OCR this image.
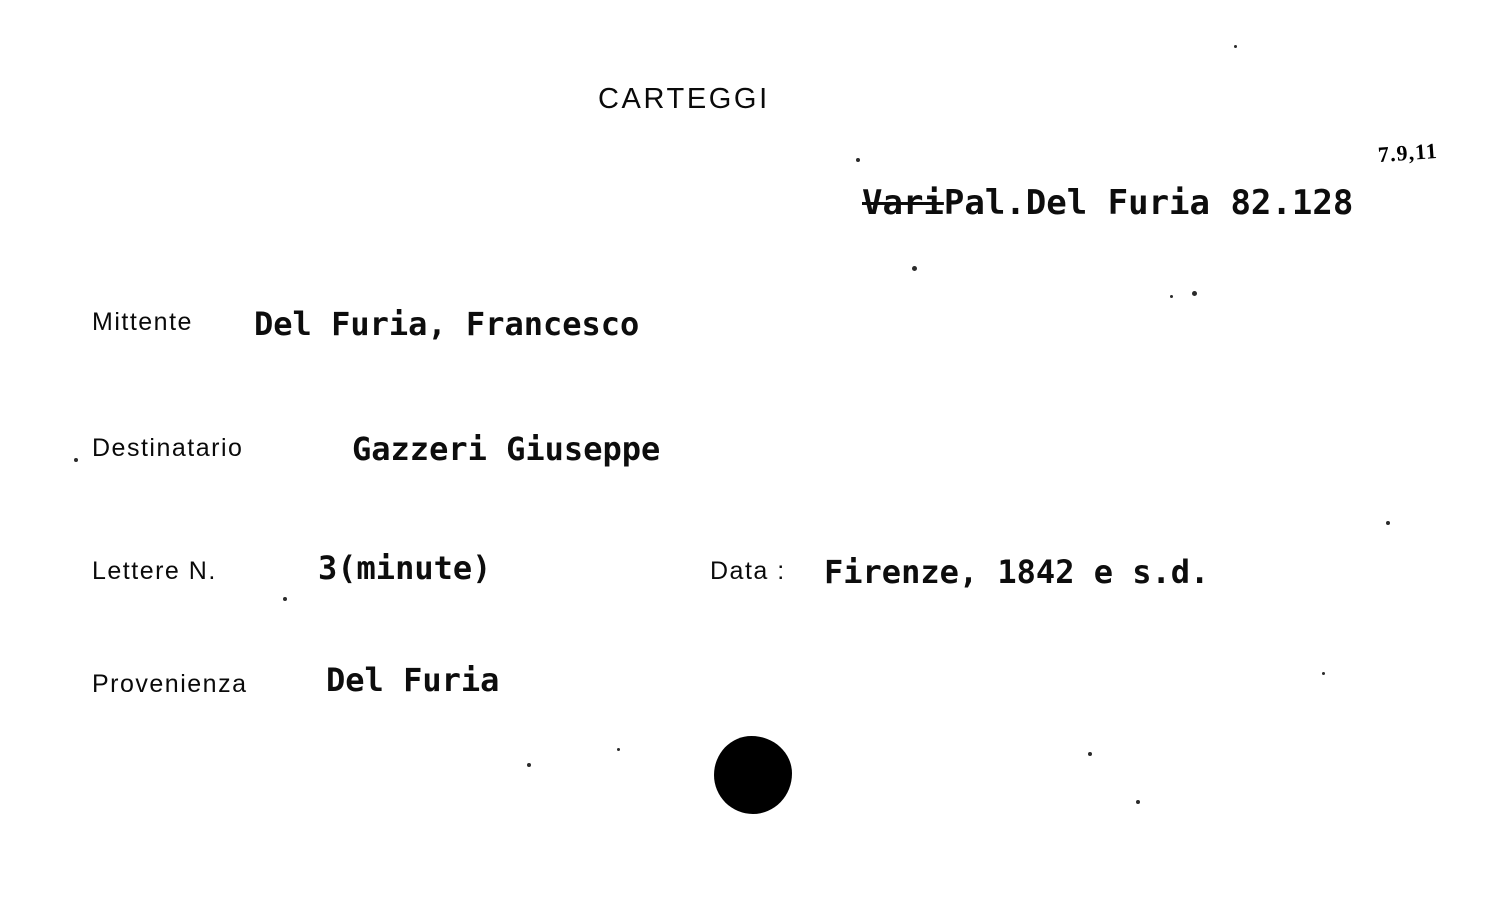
CARTEGGI
VariPal.Del Furia 82.128
7.9,11
Mittente Del Furia, Francesco
Destinatario	Gazzeri Giuseppe
Lettere N.	3(minute)	Data : Firenze, 1842 e s.d.
Provenienza Del Furia
